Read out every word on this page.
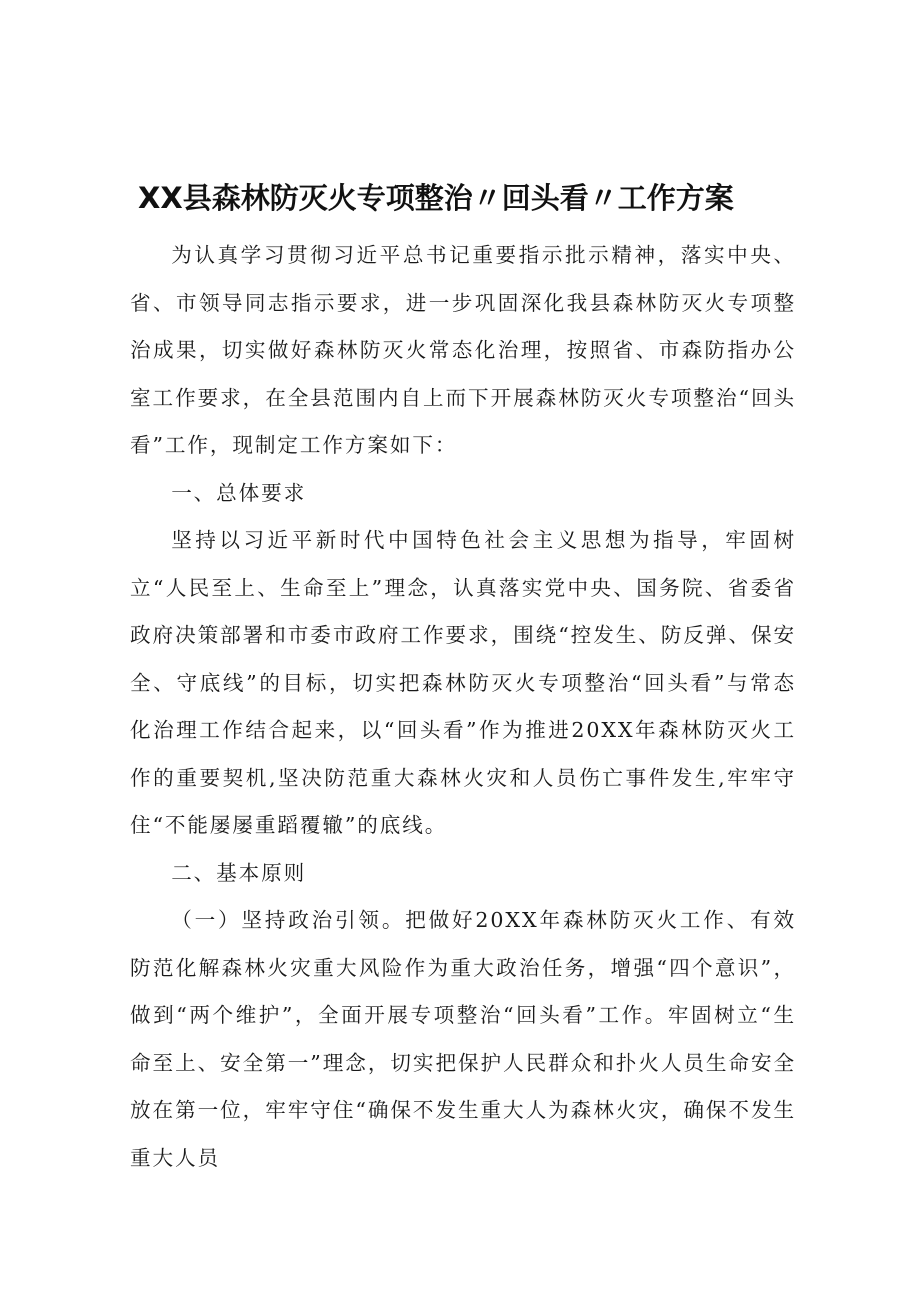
XX县森林防灭火专项整治〃回头看〃工作方案

为认真学习贯彻习近平总书记重要指示批示精神，落实中央、省、市领导同志指示要求，进一步巩固深化我县森林防灭火专项整治成果，切实做好森林防灭火常态化治理，按照省、市森防指办公室工作要求，在全县范围内自上而下开展森林防灭火专项整治“回头看”工作，现制定工作方案如下：

一、总体要求

坚持以习近平新时代中国特色社会主义思想为指导，牢固树立“人民至上、生命至上”理念，认真落实党中央、国务院、省委省政府决策部署和市委市政府工作要求，围绕“控发生、防反弹、保安全、守底线”的目标，切实把森林防灭火专项整治“回头看”与常态化治理工作结合起来，以“回头看”作为推进20XX年森林防灭火工作的重要契机,坚决防范重大森林火灾和人员伤亡事件发生,牢牢守住“不能屡屡重蹈覆辙”的底线。

二、基本原则

（一）坚持政治引领。把做好20XX年森林防灭火工作、有效防范化解森林火灾重大风险作为重大政治任务，增强“四个意识”，做到“两个维护”，全面开展专项整治“回头看”工作。牢固树立“生命至上、安全第一”理念，切实把保护人民群众和扑火人员生命安全放在第一位，牢牢守住“确保不发生重大人为森林火灾，确保不发生重大人员
